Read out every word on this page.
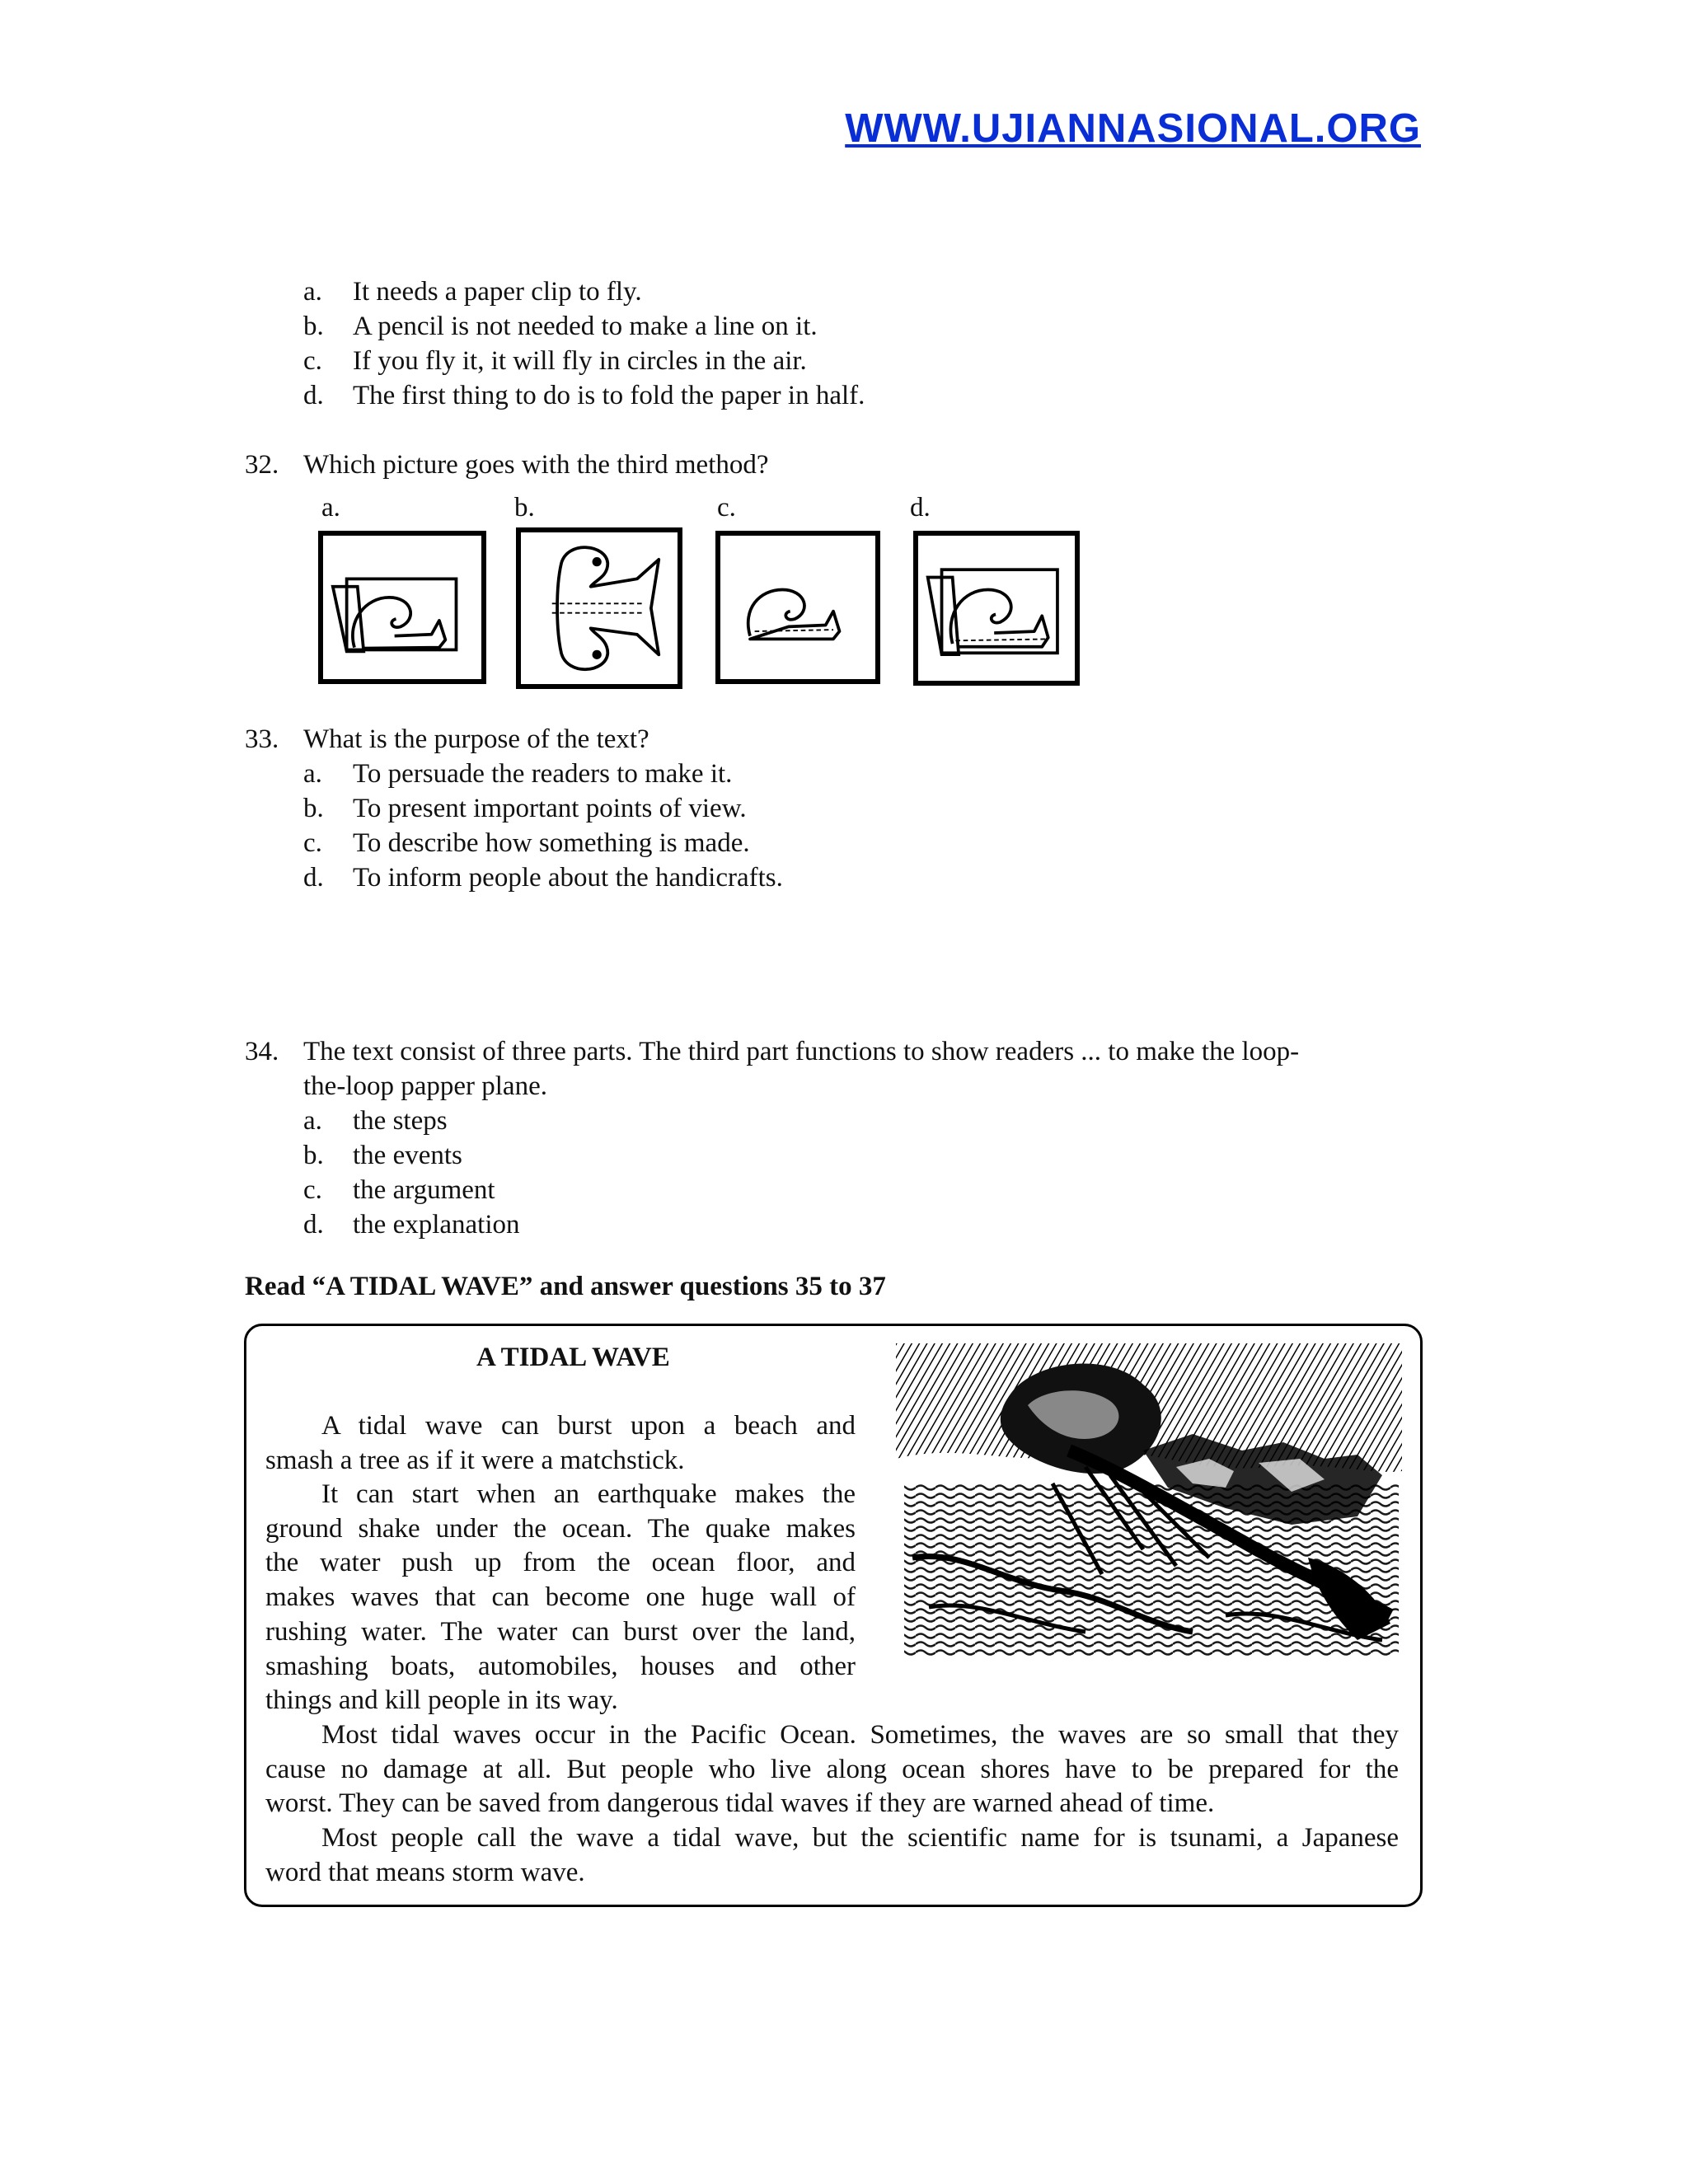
WWW.UJIANNASIONAL.ORG
a. It needs a paper clip to fly.
b. A pencil is not needed to make a line on it.
c. If you fly it, it will fly in circles in the air.
d. The first thing to do is to fold the paper in half.
32. Which picture goes with the third method?
a.	b.	c.	d.
33. What is the purpose of the text?
a. To persuade the readers to make it.
b. To present important points of view.
c. To describe how something is made.
d. To inform people about the handicrafts.
34. The text consist of three parts. The third part functions to show readers ... to make the loop-
the-loop papper plane.
a. the steps
b. the events
c. the argument
d. the explanation
Read “A TIDAL WAVE” and answer questions 35 to 37
A TIDAL WAVE
A tidal wave can burst upon a beach and
smash a tree as if it were a matchstick.
It can start when an earthquake makes the
ground shake under the ocean. The quake makes
the water push up from the ocean floor, and
makes waves that can become one huge wall of
rushing water. The water can burst over the land,
smashing boats, automobiles, houses and other
things and kill people in its way.
Most tidal waves occur in the Pacific Ocean. Sometimes, the waves are so small that they
cause no damage at all. But people who live along ocean shores have to be prepared for the
worst. They can be saved from dangerous tidal waves if they are warned ahead of time.
Most people call the wave a tidal wave, but the scientific name for is tsunami, a Japanese
word that means storm wave.
